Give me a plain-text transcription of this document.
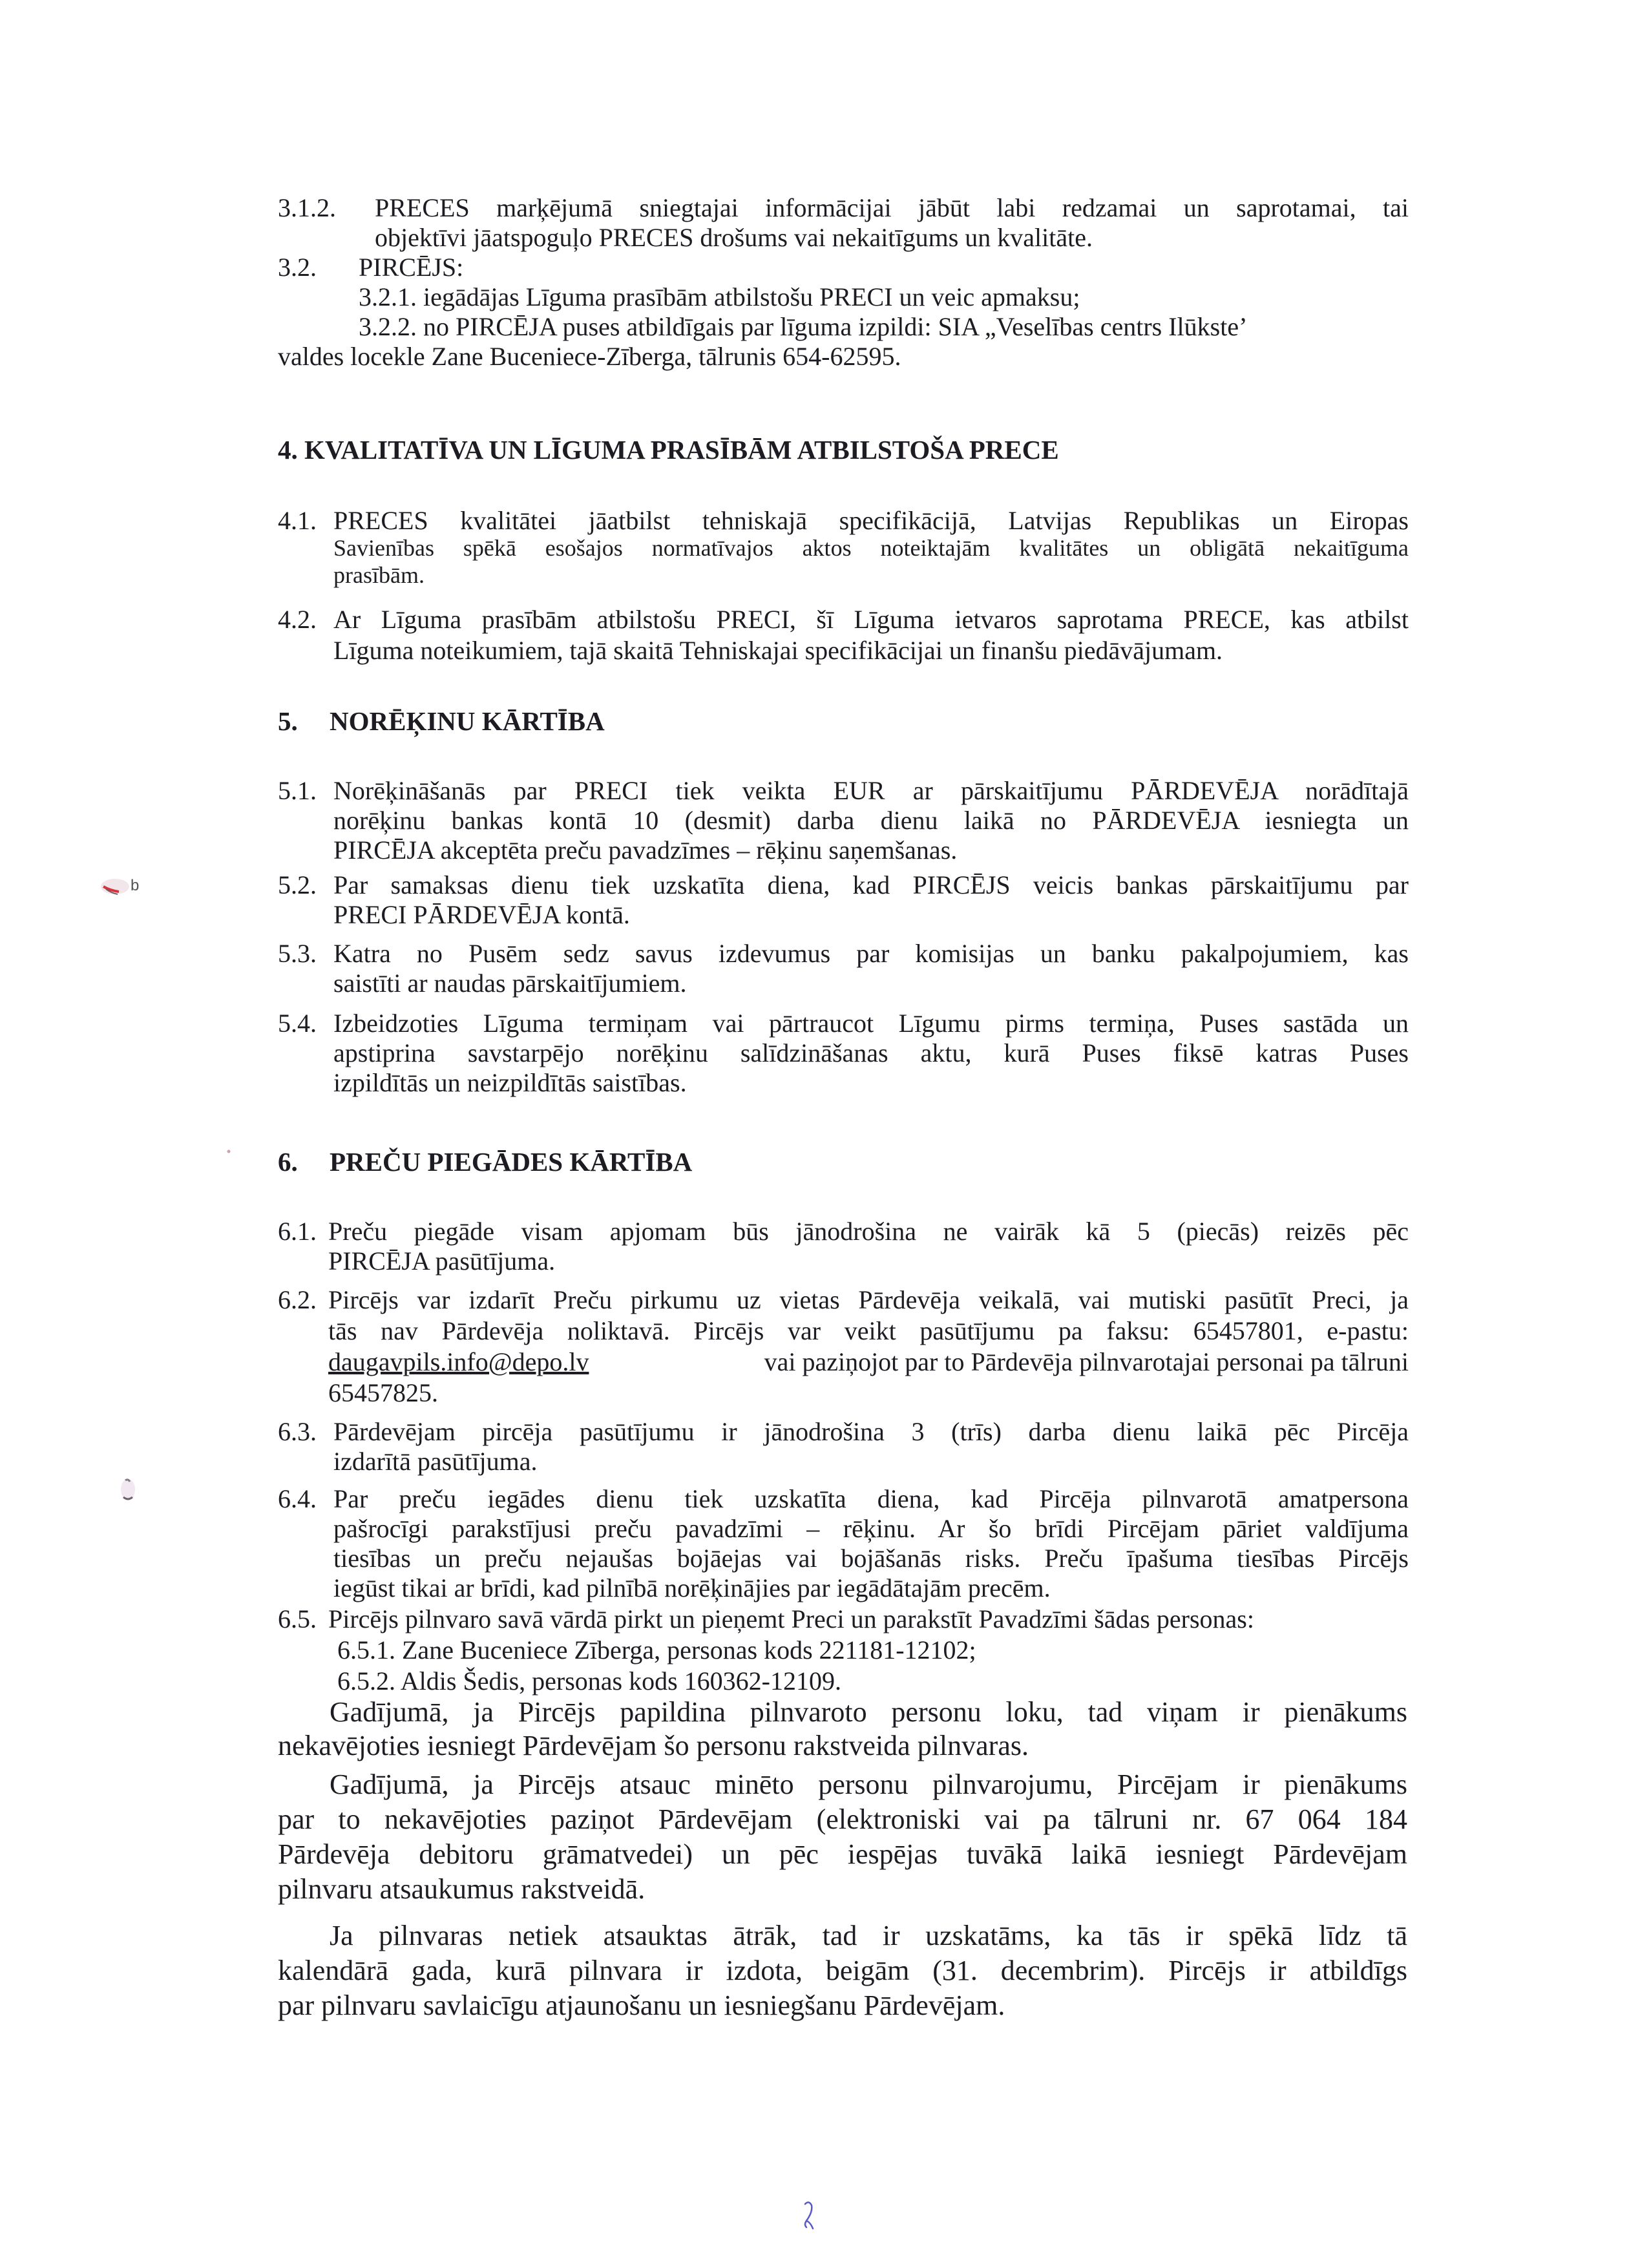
3.1.2. PRECES marķējumā sniegtajai informācijai jābūt labi redzamai un saprotamai, tai
objektīvi jāatspoguļo PRECES drošums vai nekaitīgums un kvalitāte.
3.2. PIRCĒJS:
3.2.1. iegādājas Līguma prasībām atbilstošu PRECI un veic apmaksu;
3.2.2. no PIRCĒJA puses atbildīgais par līguma izpildi: SIA „Veselības centrs Ilūkste’
valdes locekle Zane Buceniece-Zīberga, tālrunis 654-62595.
4. KVALITATĪVA UN LĪGUMA PRASĪBĀM ATBILSTOŠA PRECE
4.1. PRECES kvalitātei jāatbilst tehniskajā specifikācijā, Latvijas Republikas un Eiropas
Savienības spēkā esošajos normatīvajos aktos noteiktajām kvalitātes un obligātā nekaitīguma
prasībām.
4.2. Ar Līguma prasībām atbilstošu PRECI, šī Līguma ietvaros saprotama PRECE, kas atbilst
Līguma noteikumiem, tajā skaitā Tehniskajai specifikācijai un finanšu piedāvājumam.
5. NORĒĶINU KĀRTĪBA
5.1. Norēķināšanās par PRECI tiek veikta EUR ar pārskaitījumu PĀRDEVĒJA norādītajā
norēķinu bankas kontā 10 (desmit) darba dienu laikā no PĀRDEVĒJA iesniegta un
PIRCĒJA akceptēta preču pavadzīmes – rēķinu saņemšanas.
5.2. Par samaksas dienu tiek uzskatīta diena, kad PIRCĒJS veicis bankas pārskaitījumu par
PRECI PĀRDEVĒJA kontā.
5.3. Katra no Pusēm sedz savus izdevumus par komisijas un banku pakalpojumiem, kas
saistīti ar naudas pārskaitījumiem.
5.4. Izbeidzoties Līguma termiņam vai pārtraucot Līgumu pirms termiņa, Puses sastāda un
apstiprina savstarpējo norēķinu salīdzināšanas aktu, kurā Puses fiksē katras Puses
izpildītās un neizpildītās saistības.
6. PREČU PIEGĀDES KĀRTĪBA
6.1. Preču piegāde visam apjomam būs jānodrošina ne vairāk kā 5 (piecās) reizēs pēc
PIRCĒJA pasūtījuma.
6.2. Pircējs var izdarīt Preču pirkumu uz vietas Pārdevēja veikalā, vai mutiski pasūtīt Preci, ja
tās nav Pārdevēja noliktavā. Pircējs var veikt pasūtījumu pa faksu: 65457801, e-pastu:
daugavpils.info@depo.lv	vai paziņojot par to Pārdevēja pilnvarotajai personai pa tālruni
65457825.
6.3. Pārdevējam pircēja pasūtījumu ir jānodrošina 3 (trīs) darba dienu laikā pēc Pircēja
izdarītā pasūtījuma.
6.4. Par preču iegādes dienu tiek uzskatīta diena, kad Pircēja pilnvarotā amatpersona
pašrocīgi parakstījusi preču pavadzīmi – rēķinu. Ar šo brīdi Pircējam pāriet valdījuma
tiesības un preču nejaušas bojāejas vai bojāšanās risks. Preču īpašuma tiesības Pircējs
iegūst tikai ar brīdi, kad pilnībā norēķinājies par iegādātajām precēm.
6.5. Pircējs pilnvaro savā vārdā pirkt un pieņemt Preci un parakstīt Pavadzīmi šādas personas:
6.5.1. Zane Buceniece Zīberga, personas kods 221181-12102;
6.5.2. Aldis Šedis, personas kods 160362-12109.
Gadījumā, ja Pircējs papildina pilnvaroto personu loku, tad viņam ir pienākums
nekavējoties iesniegt Pārdevējam šo personu rakstveida pilnvaras.
Gadījumā, ja Pircējs atsauc minēto personu pilnvarojumu, Pircējam ir pienākums
par to nekavējoties paziņot Pārdevējam (elektroniski vai pa tālruni nr. 67 064 184
Pārdevēja debitoru grāmatvedei) un pēc iespējas tuvākā laikā iesniegt Pārdevējam
pilnvaru atsaukumus rakstveidā.
Ja pilnvaras netiek atsauktas ātrāk, tad ir uzskatāms, ka tās ir spēkā līdz tā
kalendārā gada, kurā pilnvara ir izdota, beigām (31. decembrim). Pircējs ir atbildīgs
par pilnvaru savlaicīgu atjaunošanu un iesniegšanu Pārdevējam.
b
